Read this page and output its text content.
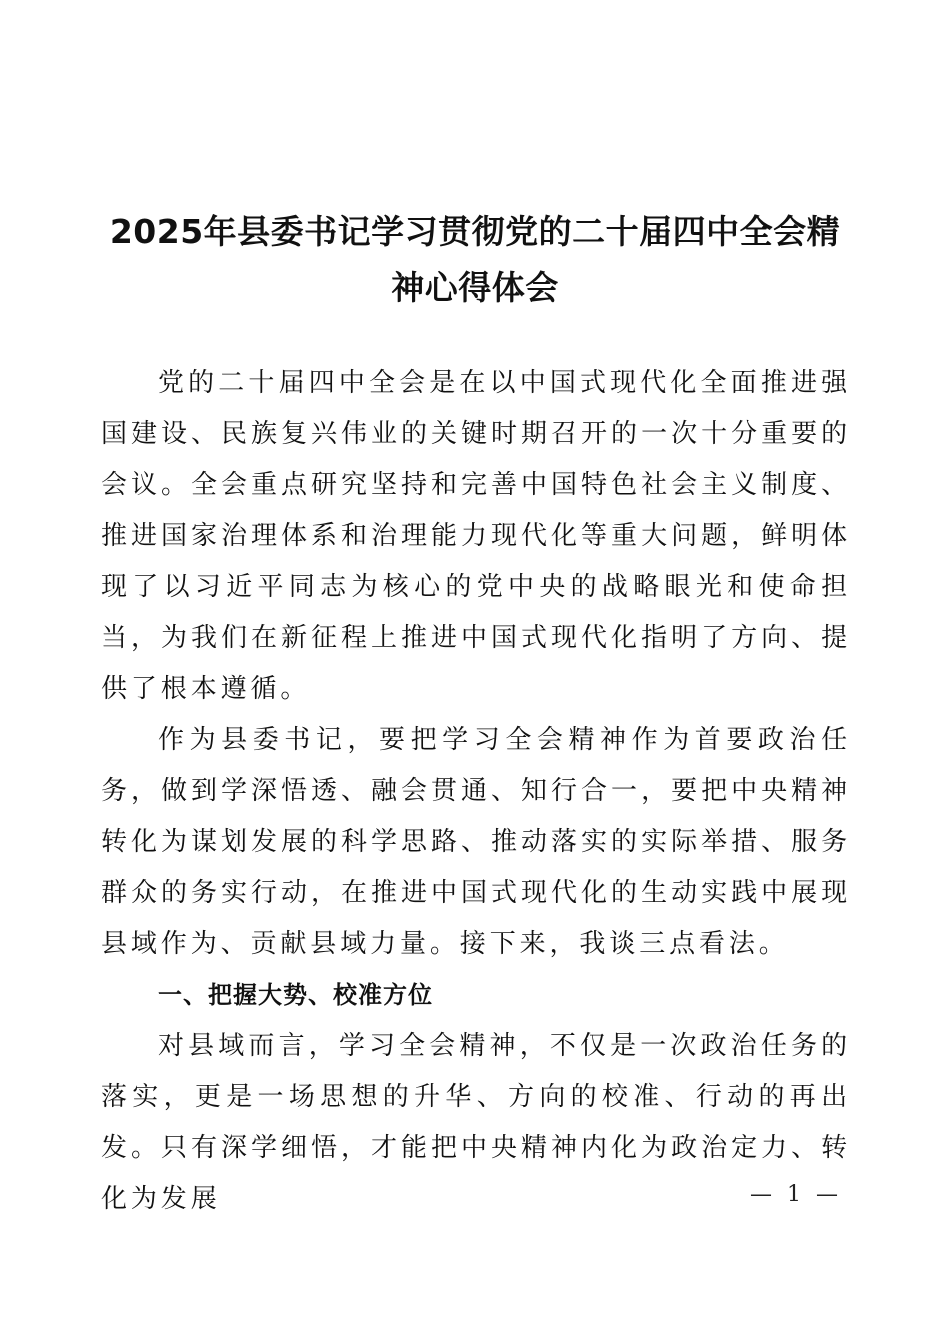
2025年县委书记学习贯彻党的二十届四中全会精神心得体会

党的二十届四中全会是在以中国式现代化全面推进强国建设、民族复兴伟业的关键时期召开的一次十分重要的会议。全会重点研究坚持和完善中国特色社会主义制度、推进国家治理体系和治理能力现代化等重大问题，鲜明体现了以习近平同志为核心的党中央的战略眼光和使命担当，为我们在新征程上推进中国式现代化指明了方向、提供了根本遵循。

作为县委书记，要把学习全会精神作为首要政治任务，做到学深悟透、融会贯通、知行合一，要把中央精神转化为谋划发展的科学思路、推动落实的实际举措、服务群众的务实行动，在推进中国式现代化的生动实践中展现县域作为、贡献县域力量。接下来，我谈三点看法。

一、把握大势、校准方位

对县域而言，学习全会精神，不仅是一次政治任务的落实，更是一场思想的升华、方向的校准、行动的再出发。只有深学细悟，才能把中央精神内化为政治定力、转化为发展	— 1 —
